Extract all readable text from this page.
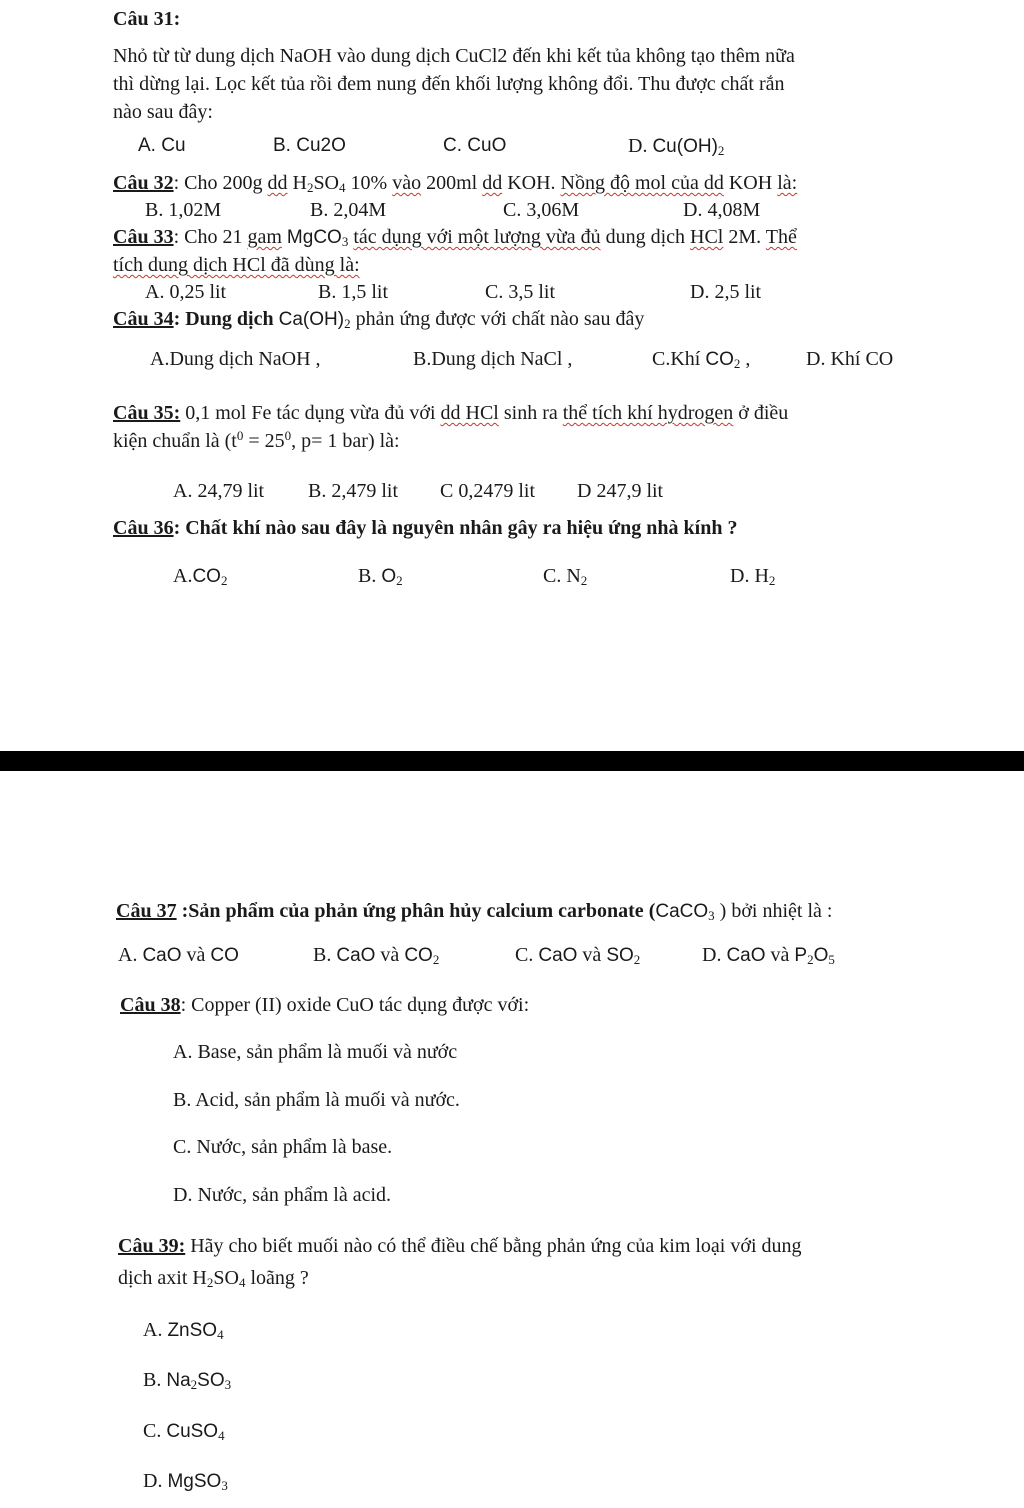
Câu 31:
Nhỏ từ từ dung dịch NaOH vào dung dịch CuCl2 đến khi kết tủa không tạo thêm nữa
thì dừng lại. Lọc kết tủa rồi đem nung đến khối lượng không đổi. Thu được chất rắn
nào sau đây:
A. Cu	B. Cu2O	C. CuO	D. $Cu(OH)_2$
Câu 32: Cho 200g dd $H_2SO_4$ 10% vào 200ml dd KOH. Nồng độ mol của dd KOH là:
B. 1,02M	B. 2,04M	C. 3,06M	D. 4,08M
Câu 33: Cho 21 gam MgCO$_3$ tác dụng với một lượng vừa đủ dung dịch HCl 2M. Thể
tích dung dịch HCl đã dùng là:
A. 0,25 lit	B. 1,5 lit	C. 3,5 lit	D. 2,5 lit
Câu 34: Dung dịch $Ca(OH)_2$ phản ứng được với chất nào sau đây
A.Dung dịch NaOH ,	B.Dung dịch NaCl ,	C.Khí $CO_2$ ,	D. Khí CO
Câu 35: 0,1 mol Fe tác dụng vừa đủ với dd HCl sinh ra thể tích khí hydrogen ở điều
kiện chuẩn là ($t^0 = 25^0$, p= 1 bar) là:
A. 24,79 lit B. 2,479 lit C 0,2479 lit D 247,9 lit
Câu 36: Chất khí nào sau đây là nguyên nhân gây ra hiệu ứng nhà kính ?
$A.CO_2$	B. $O_2$	C. $N_2$	D. $H_2$
Câu 37 :Sản phẩm của phản ứng phân hủy calcium carbonate (CaCO$_3$ ) bởi nhiệt là :
A. CaO và CO	B. CaO và $CO_2$	C. CaO và $SO_2$	D. CaO và $P_2O_5$
Câu 38: Copper (II) oxide CuO tác dụng được với:
A. Base, sản phẩm là muối và nước
B. Acid, sản phẩm là muối và nước.
C. Nước, sản phẩm là base.
D. Nước, sản phẩm là acid.
Câu 39: Hãy cho biết muối nào có thể điều chế bằng phản ứng của kim loại với dung
dịch axit $H_2SO_4$ loãng ?
A. ZnSO$_4$
B. $Na_2SO_3$
C. CuSO$_4$
D. MgSO$_3$
